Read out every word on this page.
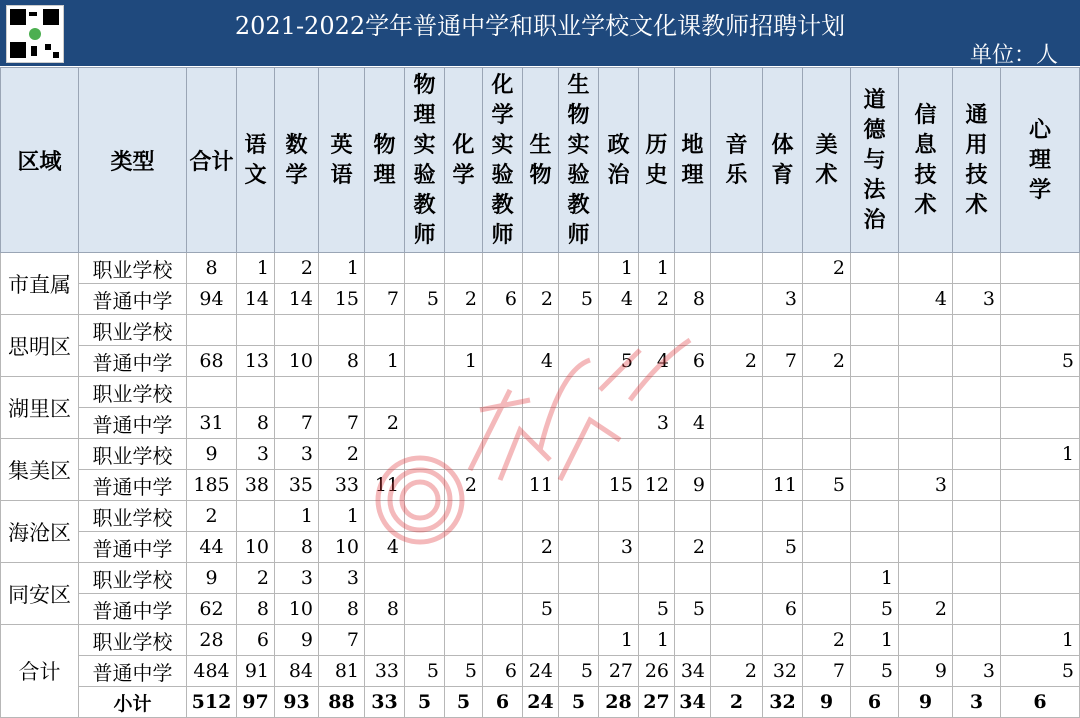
2021-2022学年普通中学和职业学校文化课教师招聘计划
单位：人
区域	类型	合计	语文	数学	英语	物理	物理实验教师	化学	化学实验教师	生物	生物实验教师	政治	历史	地理	音乐	体育	美术	道德与法治	信息技术	通用技术	心理学
市直属	职业学校	8	1	2	1							1	1				2				
	普通中学	94	14	14	15	7	5	2	6	2	5	4	2	8		3			4	3	
思明区	职业学校																				
	普通中学	68	13	10	8	1		1		4		5	4	6	2	7	2				5
湖里区	职业学校																				
	普通中学	31	8	7	7	2							3	4							
集美区	职业学校	9	3	3	2																1
	普通中学	185	38	35	33	11		2		11		15	12	9		11	5		3		
海沧区	职业学校	2		1	1																
	普通中学	44	10	8	10	4				2		3		2		5					
同安区	职业学校	9	2	3	3													1			
	普通中学	62	8	10	8	8				5			5	5		6		5	2		
合计	职业学校	28	6	9	7							1	1				2	1			1
	普通中学	484	91	84	81	33	5	5	6	24	5	27	26	34	2	32	7	5	9	3	5
	小计	512	97	93	88	33	5	5	6	24	5	28	27	34	2	32	9	6	9	3	6
